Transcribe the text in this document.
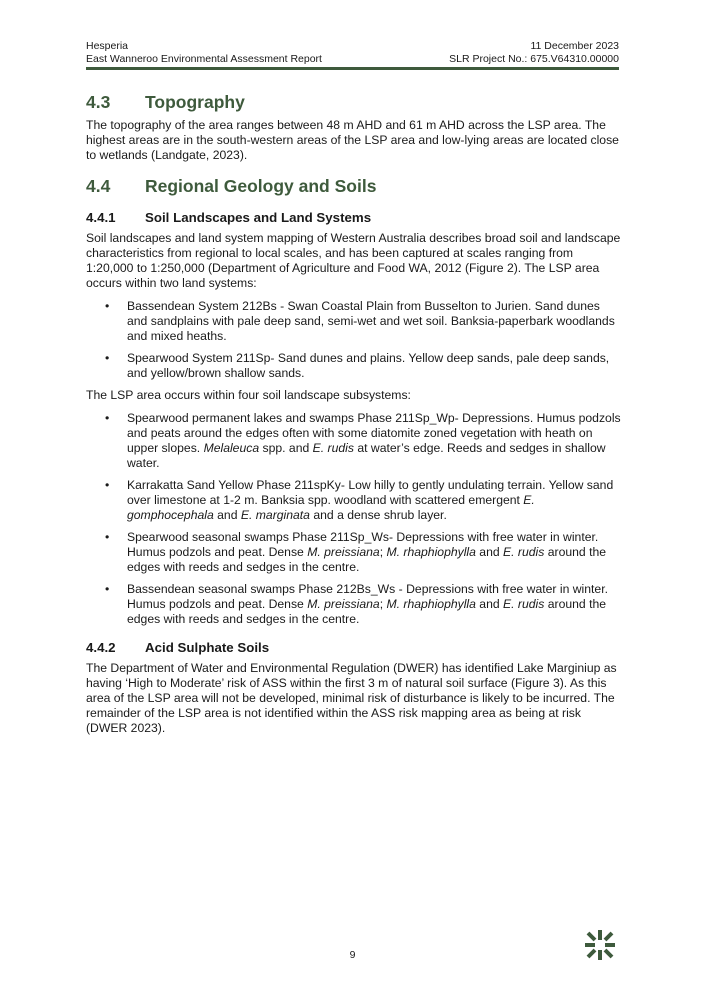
Hesperia	11 December 2023
East Wanneroo Environmental Assessment Report	SLR Project No.: 675.V64310.00000
4.3	Topography

The topography of the area ranges between 48 m AHD and 61 m AHD across the LSP area. The highest areas are in the south-western areas of the LSP area and low-lying areas are located close to wetlands (Landgate, 2023).

4.4	Regional Geology and Soils
4.4.1	Soil Landscapes and Land Systems

Soil landscapes and land system mapping of Western Australia describes broad soil and landscape characteristics from regional to local scales, and has been captured at scales ranging from 1:20,000 to 1:250,000 (Department of Agriculture and Food WA, 2012 (Figure 2). The LSP area occurs within two land systems:

• Bassendean System 212Bs - Swan Coastal Plain from Busselton to Jurien. Sand dunes and sandplains with pale deep sand, semi-wet and wet soil. Banksia-paperbark woodlands and mixed heaths.
• Spearwood System 211Sp- Sand dunes and plains. Yellow deep sands, pale deep sands, and yellow/brown shallow sands.

The LSP area occurs within four soil landscape subsystems:

• Spearwood permanent lakes and swamps Phase 211Sp_Wp- Depressions. Humus podzols and peats around the edges often with some diatomite zoned vegetation with heath on upper slopes. Melaleuca spp. and E. rudis at water’s edge. Reeds and sedges in shallow water.
• Karrakatta Sand Yellow Phase 211spKy- Low hilly to gently undulating terrain. Yellow sand over limestone at 1-2 m. Banksia spp. woodland with scattered emergent E. gomphocephala and E. marginata and a dense shrub layer.
• Spearwood seasonal swamps Phase 211Sp_Ws- Depressions with free water in winter. Humus podzols and peat. Dense M. preissiana; M. rhaphiophylla and E. rudis around the edges with reeds and sedges in the centre.
• Bassendean seasonal swamps Phase 212Bs_Ws - Depressions with free water in winter. Humus podzols and peat. Dense M. preissiana; M. rhaphiophylla and E. rudis around the edges with reeds and sedges in the centre.
4.4.2	Acid Sulphate Soils

The Department of Water and Environmental Regulation (DWER) has identified Lake Marginiup as having ‘High to Moderate’ risk of ASS within the first 3 m of natural soil surface (Figure 3). As this area of the LSP area will not be developed, minimal risk of disturbance is likely to be incurred. The remainder of the LSP area is not identified within the ASS risk mapping area as being at risk (DWER 2023).

9
